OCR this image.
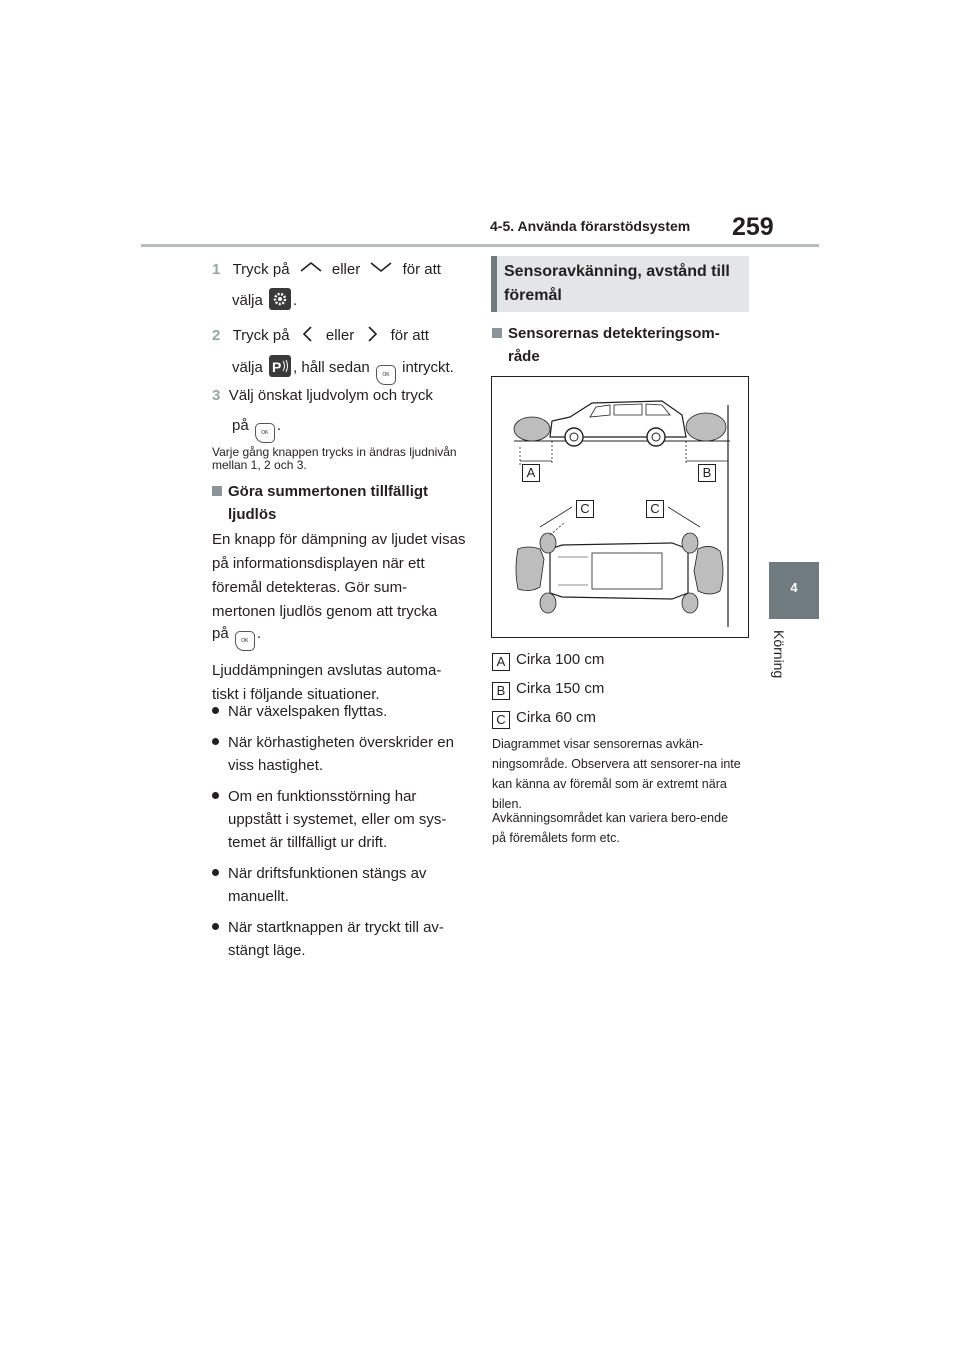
4-5. Använda förarstödsystem 259
4
Körning
1 Tryck på	eller	för att
välja .
2 Tryck på eller för att
välja P , håll sedan	OK intryckt.
3 Välj önskat ljudvolym och tryck
på	OK .
Varje gång knappen trycks in ändras ljudnivån mellan 1, 2 och 3.
Göra summertonen tillfälligt ljudlös
En knapp för dämpning av ljudet visas på informationsdisplayen när ett föremål detekteras. Gör sum-mertonen ljudlös genom att trycka
på	OK .
Ljuddämpningen avslutas automa-tiskt i följande situationer.
När växelspaken flyttas.
När körhastigheten överskrider en viss hastighet.
Om en funktionsstörning har uppstått i systemet, eller om sys-temet är tillfälligt ur drift.
När driftsfunktionen stängs av manuellt.
När startknappen är tryckt till av-stängt läge.
Sensoravkänning, avstånd till föremål
Sensorernas detekteringsom-råde
A	B
C	C
A Cirka 100 cm
B Cirka 150 cm
C Cirka 60 cm
Diagrammet visar sensorernas avkän-ningsområde. Observera att sensorer-na inte kan känna av föremål som är extremt nära bilen.
Avkänningsområdet kan variera bero-ende på föremålets form etc.
